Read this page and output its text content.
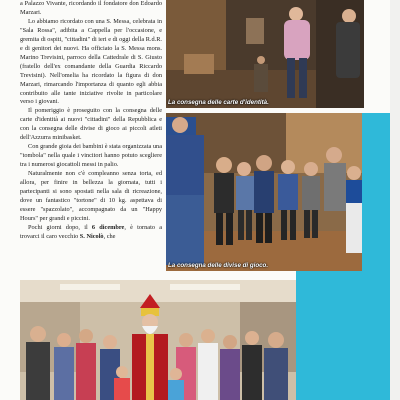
a Palazzo Vivante, ricordando il fondatore don Edoardo Marzari.

Lo abbiamo ricordato con una S. Messa, celebrata in "Sala Rossa", adibita a Cappella per l'occasione, e gremita di ospiti, "cittadini" di ieri e di oggi della R.d.R. e di genitori dei nuovi. Ha officiato la S. Messa mons. Marino Trevisini, parroco della Cattedrale di S. Giusto (fratello dell'ex comandante della Guardia Riccardo Trevisini). Nell'omelia ha ricordato la figura di don Marzari, rimarcando l'importanza di quanto egli abbia contribuito alle tante iniziative rivolte in particolare verso i giovani.

Il pomeriggio è proseguito con la consegna delle carte d'identità ai nuovi "cittadini" della Repubblica e con la consegna delle divise di gioco ai piccoli atleti dell'Azzurra minibasket.

Con grande gioia dei bambini è stata organizzata una "tombola" nella quale i vincitori hanno potuto scegliere tra i numerosi giocattoli messi in palio.

Naturalmente non c'è compleanno senza torta, ed allora, per finire in bellezza la giornata, tutti i partecipanti si sono spostati nella sala di ricreazione, dove un fantastico "tortone" di 10 kg. aspettava di essere "spazzolato", accompagnato da un "Happy Hours" per grandi e piccini.

Pochi giorni dopo, il 6 dicembre, è tornato a trovarci il caro vecchio S. Nicolò, che

La consegna delle carte d'identità.
La consegna delle divise di gioco.
